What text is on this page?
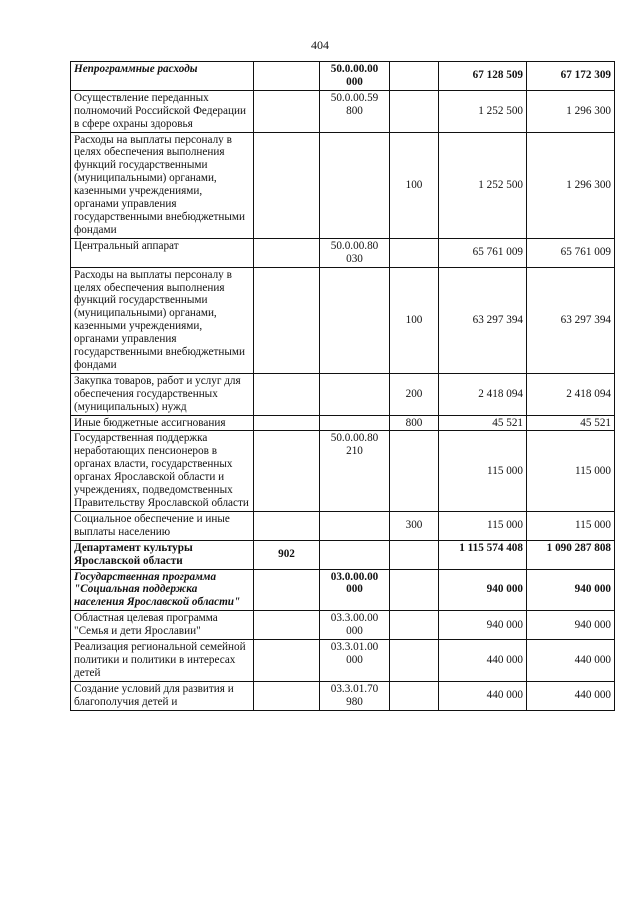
404
Непрограммные расходы		50.0.00.00 000		67 128 509	67 172 309
Осуществление переданных полномочий Российской Федерации в сфере охраны здоровья		50.0.00.59 800		1 252 500	1 296 300
Расходы на выплаты персоналу в целях обеспечения выполнения функций государственными (муниципальными) органами, казенными учреждениями, органами управления государственными внебюджетными фондами			100	1 252 500	1 296 300
Центральный аппарат		50.0.00.80 030		65 761 009	65 761 009
Расходы на выплаты персоналу в целях обеспечения выполнения функций государственными (муниципальными) органами, казенными учреждениями, органами управления государственными внебюджетными фондами			100	63 297 394	63 297 394
Закупка товаров, работ и услуг для обеспечения государственных (муниципальных) нужд			200	2 418 094	2 418 094
Иные бюджетные ассигнования			800	45 521	45 521
Государственная поддержка неработающих пенсионеров в органах власти, государственных органах Ярославской области и учреждениях, подведомственных Правительству Ярославской области		50.0.00.80 210		115 000	115 000
Социальное обеспечение и иные выплаты населению			300	115 000	115 000
Департамент культуры Ярославской области	902			1 115 574 408	1 090 287 808
Государственная программа "Социальная поддержка населения Ярославской области"		03.0.00.00 000		940 000	940 000
Областная целевая программа "Семья и дети Ярославии"		03.3.00.00 000		940 000	940 000
Реализация региональной семейной политики и политики в интересах детей		03.3.01.00 000		440 000	440 000
Создание условий для развития и благополучия детей и		03.3.01.70 980		440 000	440 000
